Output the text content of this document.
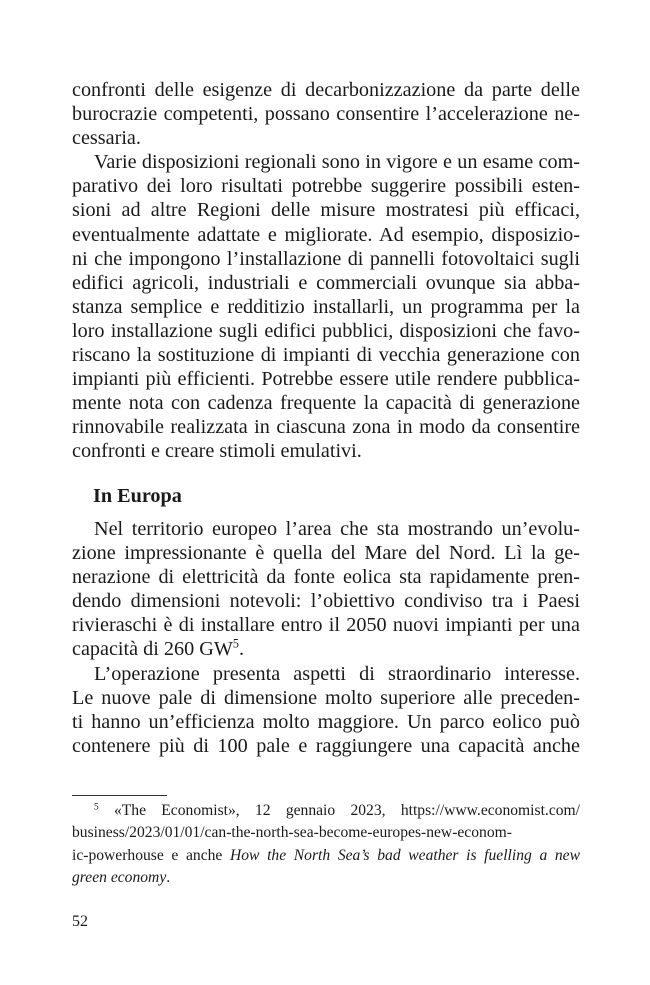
confronti delle esigenze di decarbonizzazione da parte delle
burocrazie competenti, possano consentire l’accelerazione ne-
cessaria.

Varie disposizioni regionali sono in vigore e un esame com-
parativo dei loro risultati potrebbe suggerire possibili esten-
sioni ad altre Regioni delle misure mostratesi più efficaci,
eventualmente adattate e migliorate. Ad esempio, disposizio-
ni che impongono l’installazione di pannelli fotovoltaici sugli
edifici agricoli, industriali e commerciali ovunque sia abba-
stanza semplice e redditizio installarli, un programma per la
loro installazione sugli edifici pubblici, disposizioni che favo-
riscano la sostituzione di impianti di vecchia generazione con
impianti più efficienti. Potrebbe essere utile rendere pubblica-
mente nota con cadenza frequente la capacità di generazione
rinnovabile realizzata in ciascuna zona in modo da consentire
confronti e creare stimoli emulativi.

In Europa

Nel territorio europeo l’area che sta mostrando un’evolu-
zione impressionante è quella del Mare del Nord. Lì la ge-
nerazione di elettricità da fonte eolica sta rapidamente pren-
dendo dimensioni notevoli: l’obiettivo condiviso tra i Paesi
rivieraschi è di installare entro il 2050 nuovi impianti per una
capacità di 260 $GW^5$.

L’operazione presenta aspetti di straordinario interesse.
Le nuove pale di dimensione molto superiore alle preceden-
ti hanno un’efficienza molto maggiore. Un parco eolico può
contenere più di 100 pale e raggiungere una capacità anche

$^5$ «The Economist», 12 gennaio 2023, https://www.economist.com/
business/2023/01/01/can-the-north-sea-become-europes-new-econom-
ic-powerhouse e anche How the North Sea’s bad weather is fuelling a new
green economy.
52
